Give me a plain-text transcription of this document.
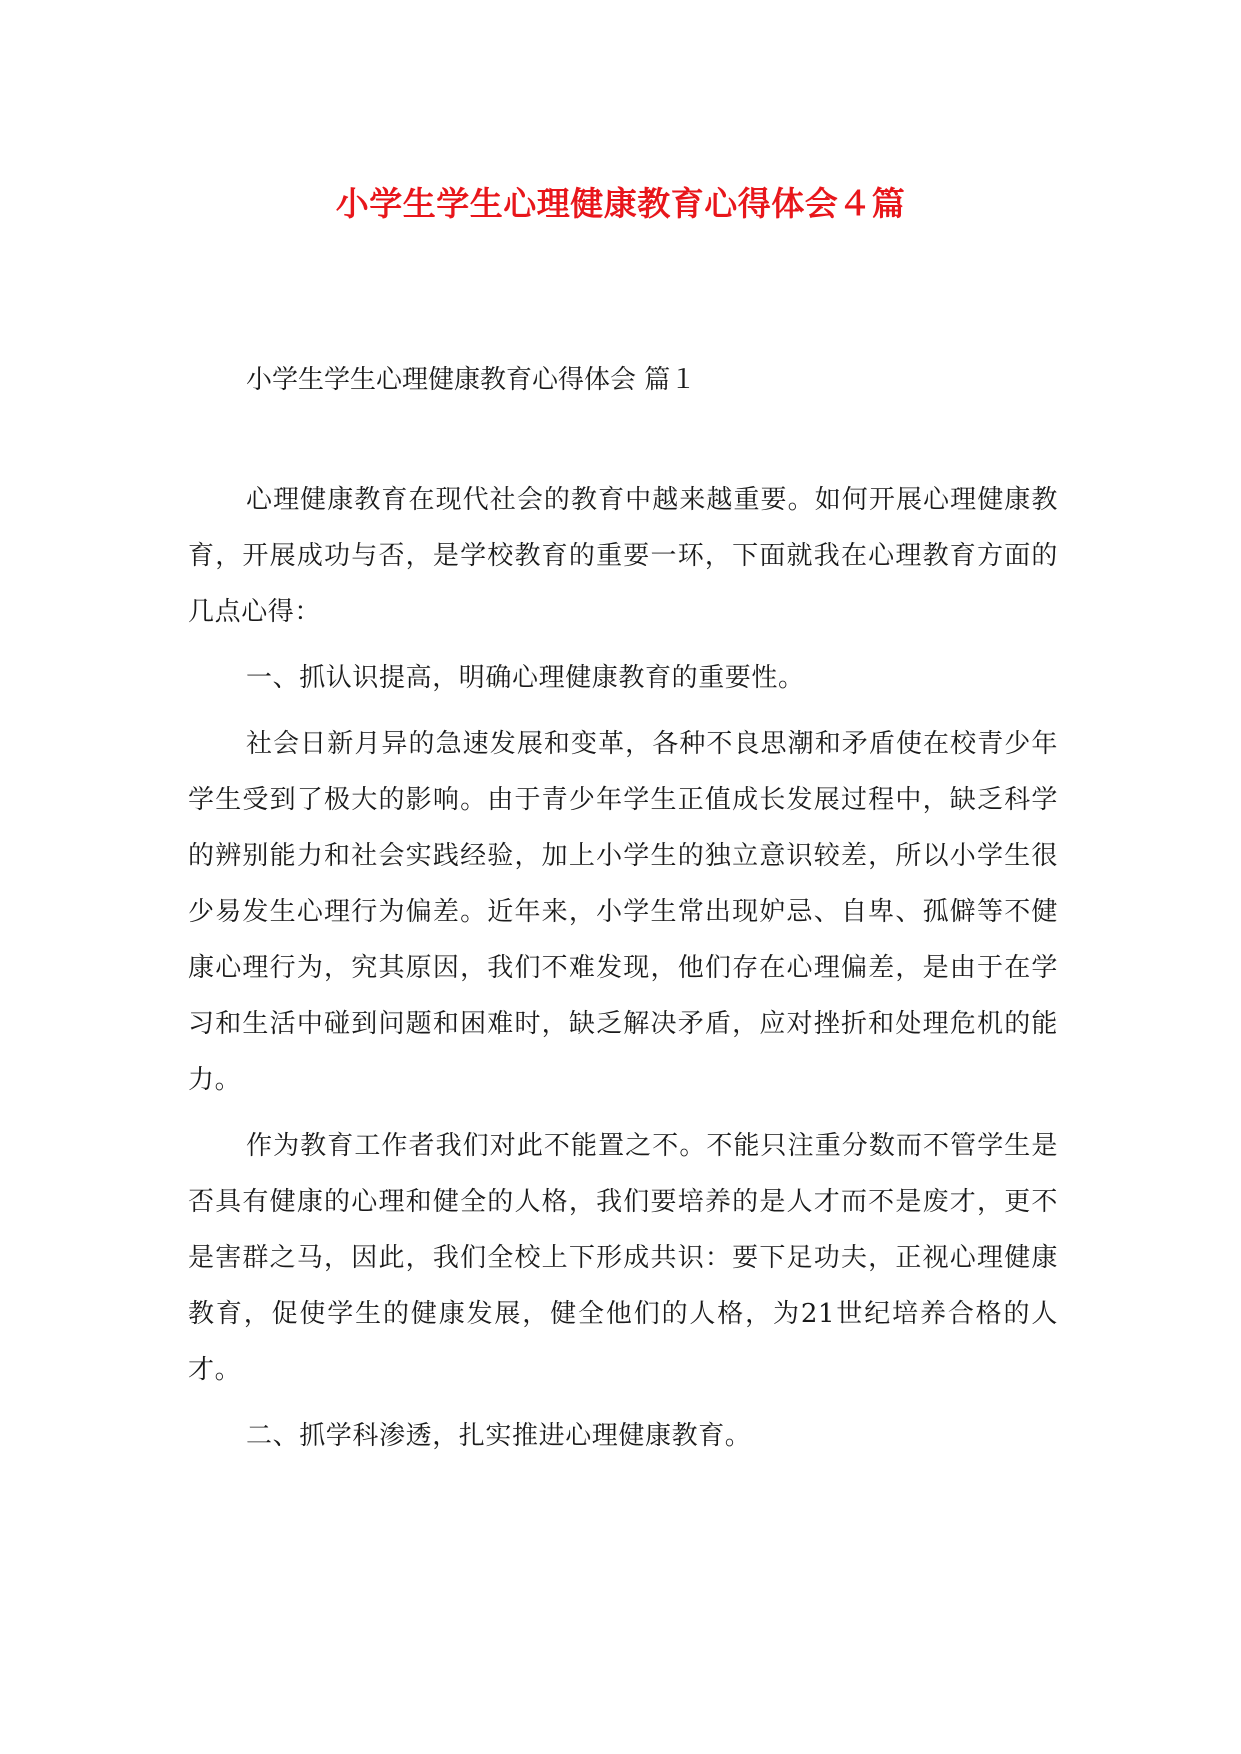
小学生学生心理健康教育心得体会４篇

小学生学生心理健康教育心得体会 篇１

心理健康教育在现代社会的教育中越来越重要。如何开展心理健康教育，开展成功与否，是学校教育的重要一环，下面就我在心理教育方面的几点心得：

一、抓认识提高，明确心理健康教育的重要性。

社会日新月异的急速发展和变革，各种不良思潮和矛盾使在校青少年学生受到了极大的影响。由于青少年学生正值成长发展过程中，缺乏科学的辨别能力和社会实践经验，加上小学生的独立意识较差，所以小学生很少易发生心理行为偏差。近年来，小学生常出现妒忌、自卑、孤僻等不健康心理行为，究其原因，我们不难发现，他们存在心理偏差，是由于在学习和生活中碰到问题和困难时，缺乏解决矛盾，应对挫折和处理危机的能力。

作为教育工作者我们对此不能置之不。不能只注重分数而不管学生是否具有健康的心理和健全的人格，我们要培养的是人才而不是废才，更不是害群之马，因此，我们全校上下形成共识：要下足功夫，正视心理健康教育，促使学生的健康发展，健全他们的人格，为21世纪培养合格的人才。

二、抓学科渗透，扎实推进心理健康教育。
